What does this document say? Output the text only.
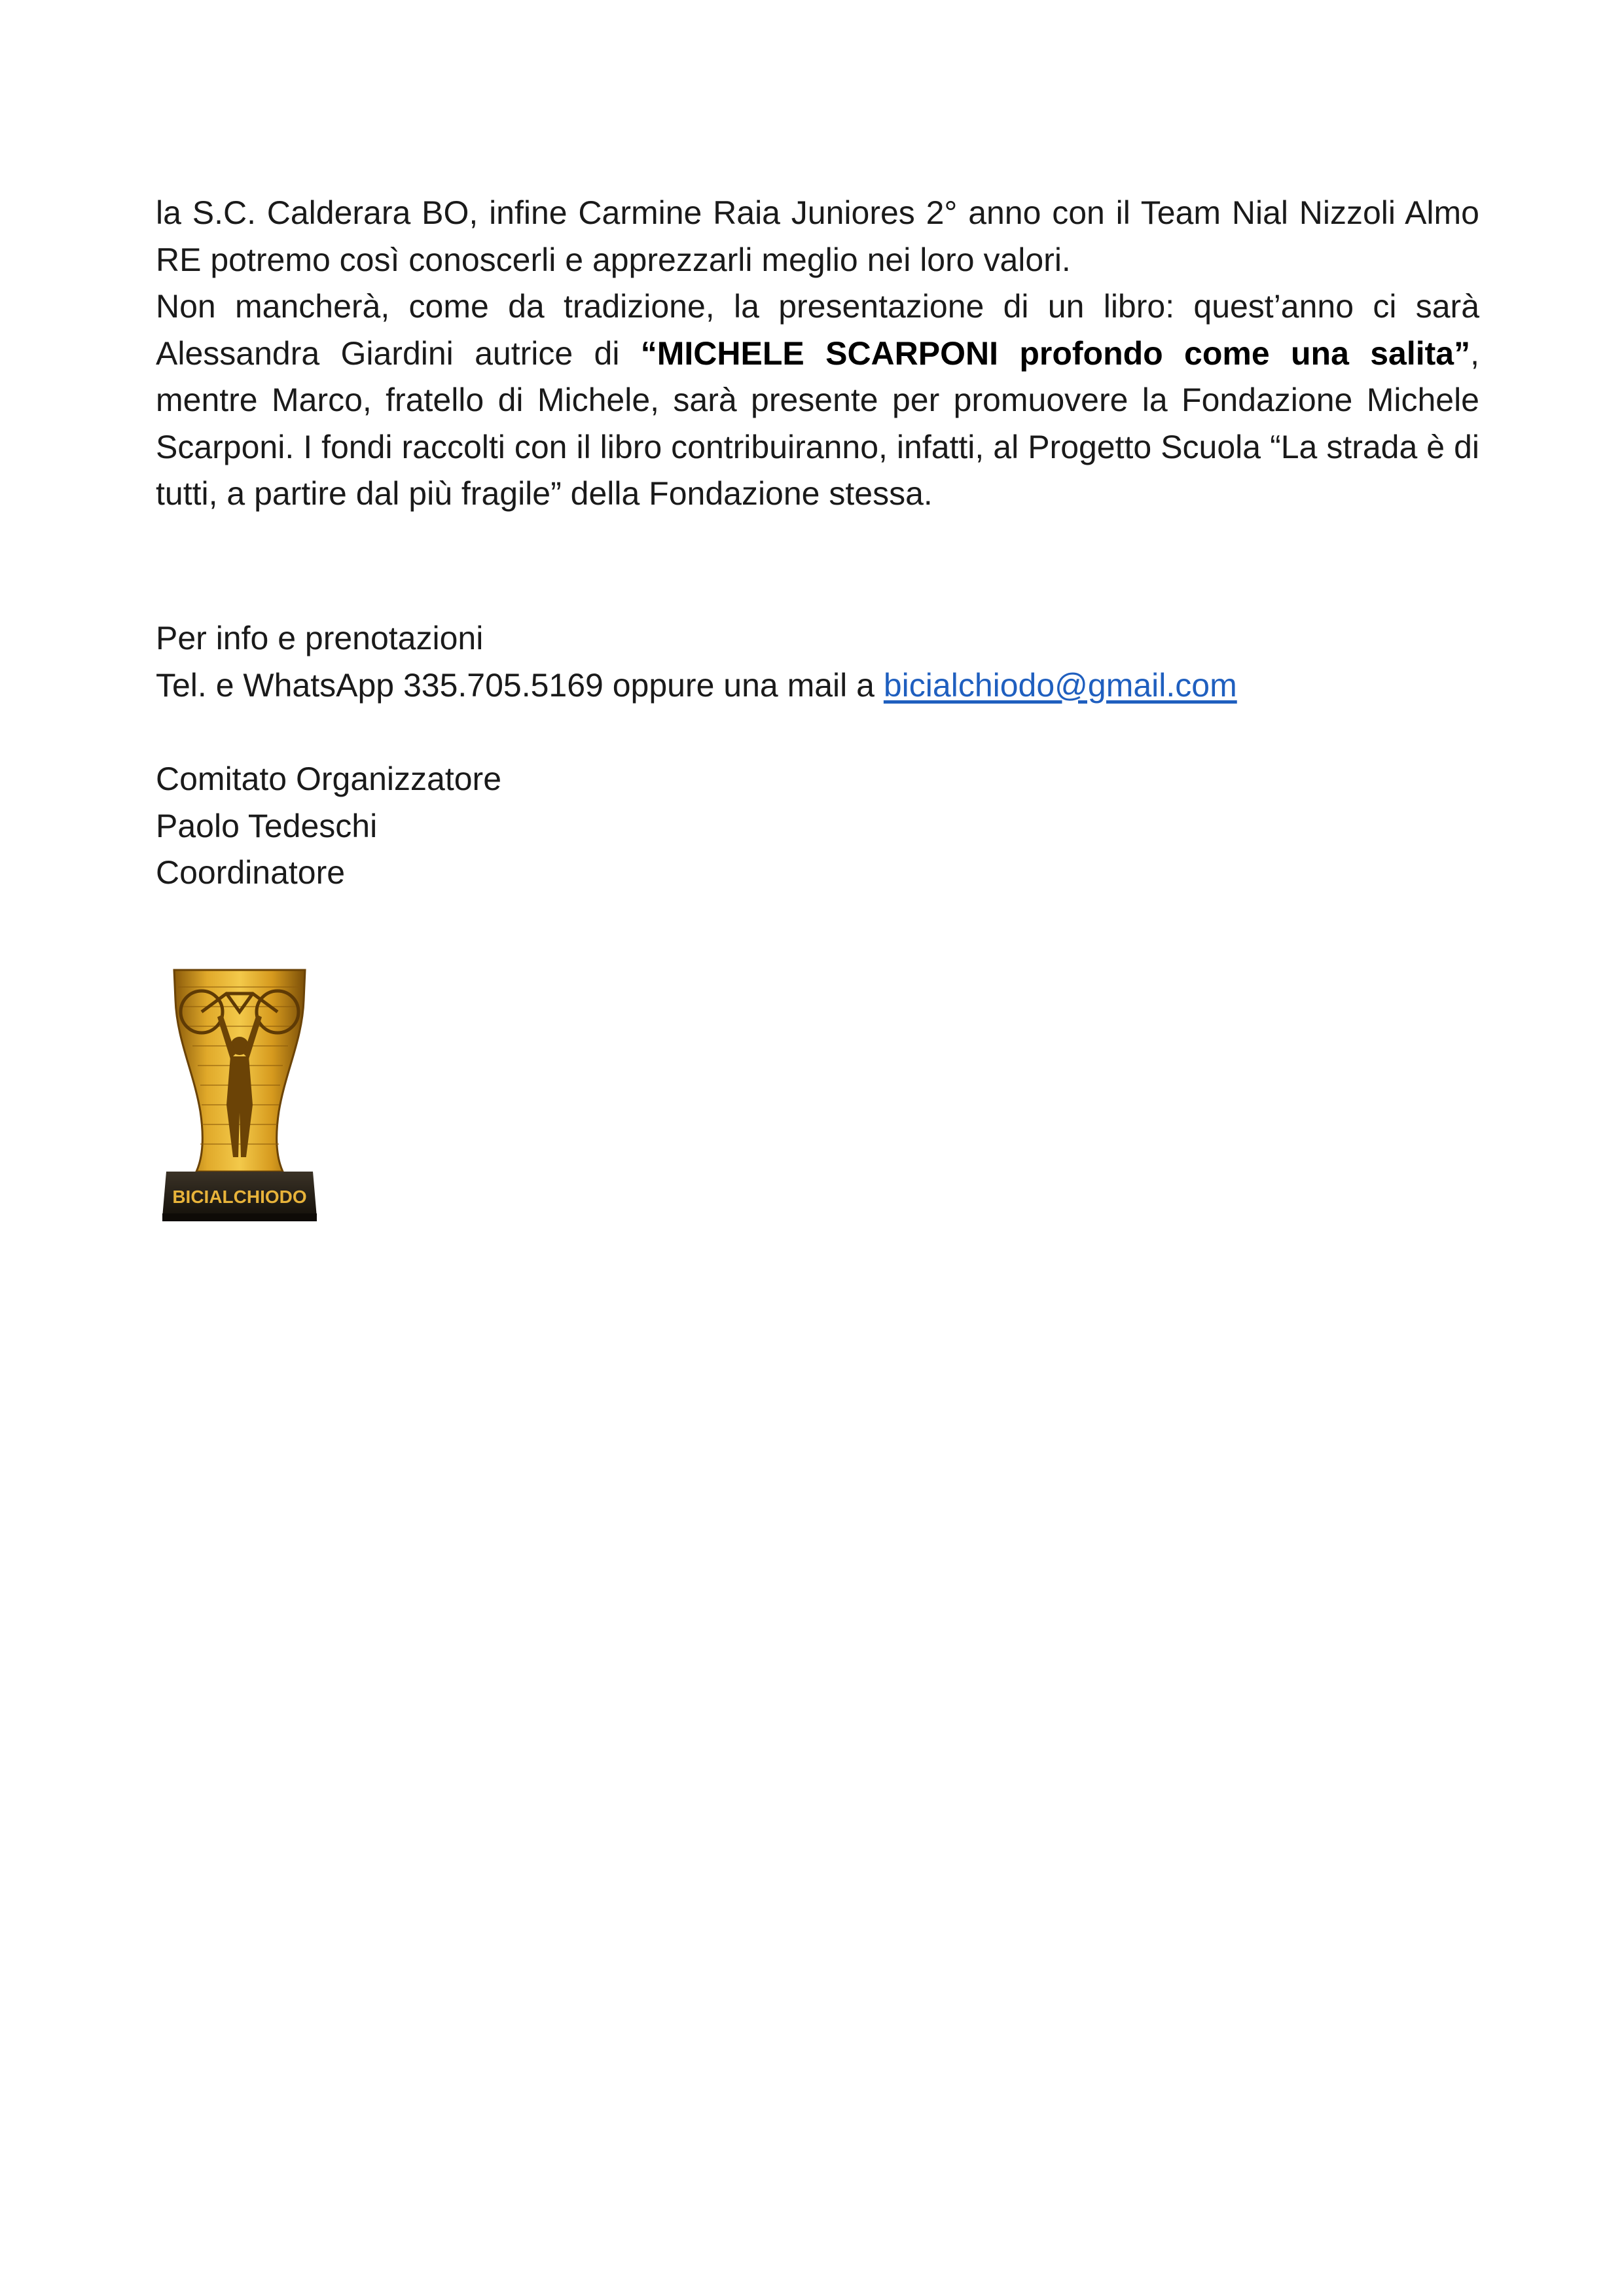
la S.C. Calderara BO, infine Carmine Raia Juniores 2° anno con il Team Nial Nizzoli Almo RE potremo così conoscerli e apprezzarli meglio nei loro valori.

Non mancherà, come da tradizione, la presentazione di un libro: quest’anno ci sarà Alessandra Giardini autrice di “MICHELE SCARPONI profondo come una salita”, mentre Marco, fratello di Michele, sarà presente per promuovere la Fondazione Michele Scarponi. I fondi raccolti con il libro contribuiranno, infatti, al Progetto Scuola “La strada è di tutti, a partire dal più fragile” della Fondazione stessa.

Per info e prenotazioni
Tel. e WhatsApp 335.705.5169 oppure una mail a bicialchiodo@gmail.com
Comitato Organizzatore
Paolo Tedeschi
Coordinatore
BICIALCHIODO
